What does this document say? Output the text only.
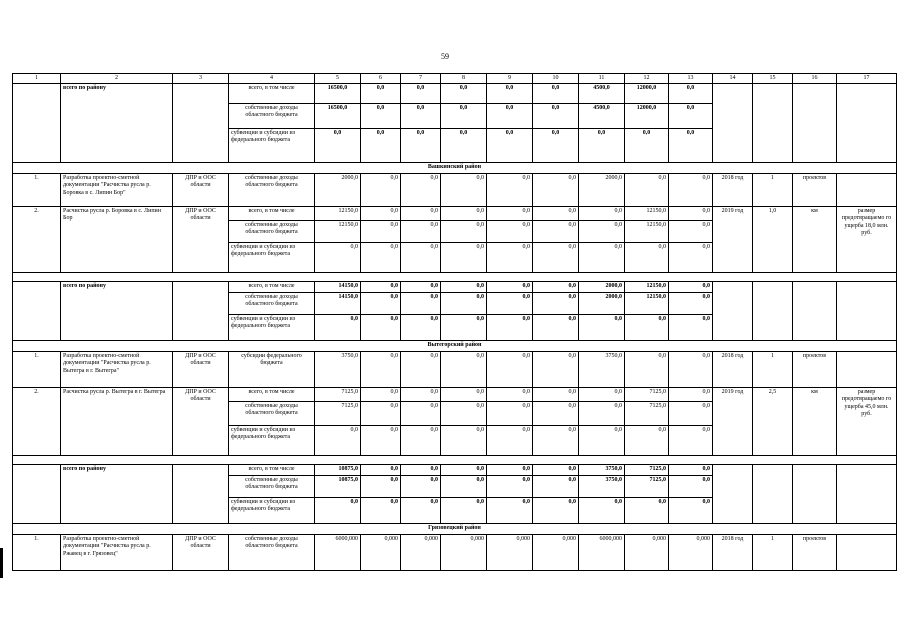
59
1	2	3	4	5	6	7	8	9	10	11	12	13	14	15	16	17
	всего по району		всего, в том числе	16500,0	0,0	0,0	0,0	0,0	0,0	4500,0	12000,0	0,0				
			собственные доходы областного бюджета	16500,0	0,0	0,0	0,0	0,0	0,0	4500,0	12000,0	0,0				
			субвенции и субсидии из федерального бюджета	0,0	0,0	0,0	0,0	0,0	0,0	0,0	0,0	0,0				
Вашкинский район																
1.	Разработка проектно-сметной документации "Расчистка русла р. Боровка в с. Липин Бор"	ДПР и ООС области	собственные доходы областного бюджета	2000,0	0,0	0,0	0,0	0,0	0,0	2000,0	0,0	0,0	2018 год	1	проектов	
2.	Расчистка русла р. Боровка в с. Липин Бор	ДПР и ООС области	всего, в том числе	12150,0	0,0	0,0	0,0	0,0	0,0	0,0	12150,0	0,0	2019 год	1,0	км	размер предотвращаемо го ущерба 18,0 млн. руб.
			собственные доходы областного бюджета	12150,0	0,0	0,0	0,0	0,0	0,0	0,0	12150,0	0,0				
			субвенции и субсидии из федерального бюджета	0,0	0,0	0,0	0,0	0,0	0,0	0,0	0,0	0,0				

	всего по району		всего, в том числе	14150,0	0,0	0,0	0,0	0,0	0,0	2000,0	12150,0	0,0				
			собственные доходы областного бюджета	14150,0	0,0	0,0	0,0	0,0	0,0	2000,0	12150,0	0,0				
			субвенции и субсидии из федерального бюджета	0,0	0,0	0,0	0,0	0,0	0,0	0,0	0,0	0,0				
Вытегорский район																
1.	Разработка проектно-сметной документации "Расчистка русла р. Вытегра в г. Вытегра"	ДПР и ООС области	субсидии федерального бюджета	3750,0	0,0	0,0	0,0	0,0	0,0	3750,0	0,0	0,0	2018 год	1	проектов	
2.	Расчистка русла р. Вытегра в г. Вытегра	ДПР и ООС области	всего, в том числе	7125,0	0,0	0,0	0,0	0,0	0,0	0,0	7125,0	0,0	2019 год	2,5	км	размер предотвращаемо го ущерба 45,0 млн. руб.
			собственные доходы областного бюджета	7125,0	0,0	0,0	0,0	0,0	0,0	0,0	7125,0	0,0				
			субвенции и субсидии из федерального бюджета	0,0	0,0	0,0	0,0	0,0	0,0	0,0	0,0	0,0				

	всего по району		всего, в том числе	10875,0	0,0	0,0	0,0	0,0	0,0	3750,0	7125,0	0,0				
			собственные доходы областного бюджета	10875,0	0,0	0,0	0,0	0,0	0,0	3750,0	7125,0	0,0				
			субвенции и субсидии из федерального бюджета	0,0	0,0	0,0	0,0	0,0	0,0	0,0	0,0	0,0				
Грязовецкий район																
1.	Разработка проектно-сметной документации "Расчистка русла р. Ржавец в г. Грязовец"	ДПР и ООС области	собственные доходы областного бюджета	6000,000	0,000	0,000	0,000	0,000	0,000	6000,000	0,000	0,000	2018 год	1	проектов	
